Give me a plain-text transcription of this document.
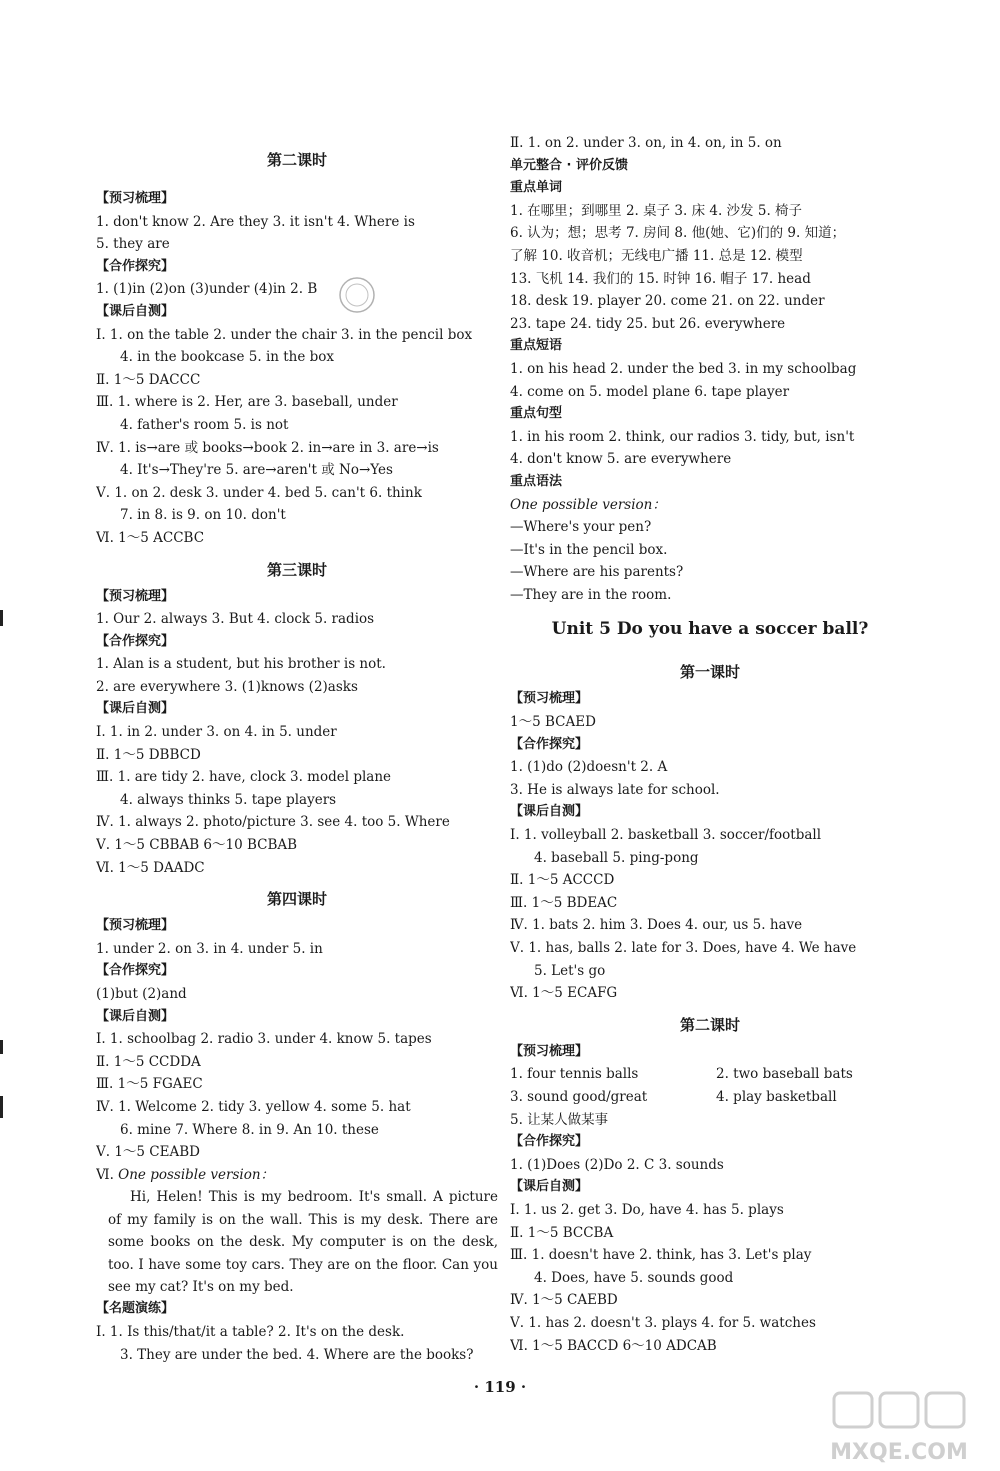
第二课时
【预习梳理】
1. don't know 2. Are they 3. it isn't 4. Where is
5. they are
【合作探究】
1. (1)in (2)on (3)under (4)in 2. B
【课后自测】
Ⅰ. 1. on the table 2. under the chair 3. in the pencil box
4. in the bookcase 5. in the box
Ⅱ. 1～5 DACCC
Ⅲ. 1. where is 2. Her, are 3. baseball, under
4. father's room 5. is not
Ⅳ. 1. is→are 或 books→book 2. in→are in 3. are→is
4. It's→They're 5. are→aren't 或 No→Yes
Ⅴ. 1. on 2. desk 3. under 4. bed 5. can't 6. think
7. in 8. is 9. on 10. don't
Ⅵ. 1～5 ACCBC
第三课时
【预习梳理】
1. Our 2. always 3. But 4. clock 5. radios
【合作探究】
1. Alan is a student, but his brother is not.
2. are everywhere 3. (1)knows (2)asks
【课后自测】
Ⅰ. 1. in 2. under 3. on 4. in 5. under
Ⅱ. 1～5 DBBCD
Ⅲ. 1. are tidy 2. have, clock 3. model plane
4. always thinks 5. tape players
Ⅳ. 1. always 2. photo/picture 3. see 4. too 5. Where
Ⅴ. 1～5 CBBAB 6～10 BCBAB
Ⅵ. 1～5 DAADC
第四课时
【预习梳理】
1. under 2. on 3. in 4. under 5. in
【合作探究】
(1)but (2)and
【课后自测】
Ⅰ. 1. schoolbag 2. radio 3. under 4. know 5. tapes
Ⅱ. 1～5 CCDDA
Ⅲ. 1～5 FGAEC
Ⅳ. 1. Welcome 2. tidy 3. yellow 4. some 5. hat
6. mine 7. Where 8. in 9. An 10. these
Ⅴ. 1～5 CEABD
Ⅵ. One possible version：
Hi, Helen! This is my bedroom. It's small. A picture of my family is on the wall. This is my desk. There are some books on the desk. My computer is on the desk, too. I have some toy cars. They are on the floor. Can you see my cat? It's on my bed.
【名题演练】
Ⅰ. 1. Is this/that/it a table? 2. It's on the desk.
3. They are under the bed. 4. Where are the books?
Ⅱ. 1. on 2. under 3. on, in 4. on, in 5. on
单元整合 · 评价反馈
重点单词
1. 在哪里；到哪里 2. 桌子 3. 床 4. 沙发 5. 椅子
6. 认为；想；思考 7. 房间 8. 他(她、它)们的 9. 知道；
了解 10. 收音机；无线电广播 11. 总是 12. 模型
13. 飞机 14. 我们的 15. 时钟 16. 帽子 17. head
18. desk 19. player 20. come 21. on 22. under
23. tape 24. tidy 25. but 26. everywhere
重点短语
1. on his head 2. under the bed 3. in my schoolbag
4. come on 5. model plane 6. tape player
重点句型
1. in his room 2. think, our radios 3. tidy, but, isn't
4. don't know 5. are everywhere
重点语法
One possible version：
—Where's your pen?
—It's in the pencil box.
—Where are his parents?
—They are in the room.
Unit 5 Do you have a soccer ball?
第一课时
【预习梳理】
1～5 BCAED
【合作探究】
1. (1)do (2)doesn't 2. A
3. He is always late for school.
【课后自测】
Ⅰ. 1. volleyball 2. basketball 3. soccer/football
4. baseball 5. ping-pong
Ⅱ. 1～5 ACCCD
Ⅲ. 1～5 BDEAC
Ⅳ. 1. bats 2. him 3. Does 4. our, us 5. have
Ⅴ. 1. has, balls 2. late for 3. Does, have 4. We have
5. Let's go
Ⅵ. 1～5 ECAFG
第二课时
【预习梳理】
1. four tennis balls	2. two baseball bats
3. sound good/great	4. play basketball
5. 让某人做某事
【合作探究】
1. (1)Does (2)Do 2. C 3. sounds
【课后自测】
Ⅰ. 1. us 2. get 3. Do, have 4. has 5. plays
Ⅱ. 1～5 BCCBA
Ⅲ. 1. doesn't have 2. think, has 3. Let's play
4. Does, have 5. sounds good
Ⅳ. 1～5 CAEBD
Ⅴ. 1. has 2. doesn't 3. plays 4. for 5. watches
Ⅵ. 1～5 BACCD 6～10 ADCAB
· 119 ·
MXQE.COM
